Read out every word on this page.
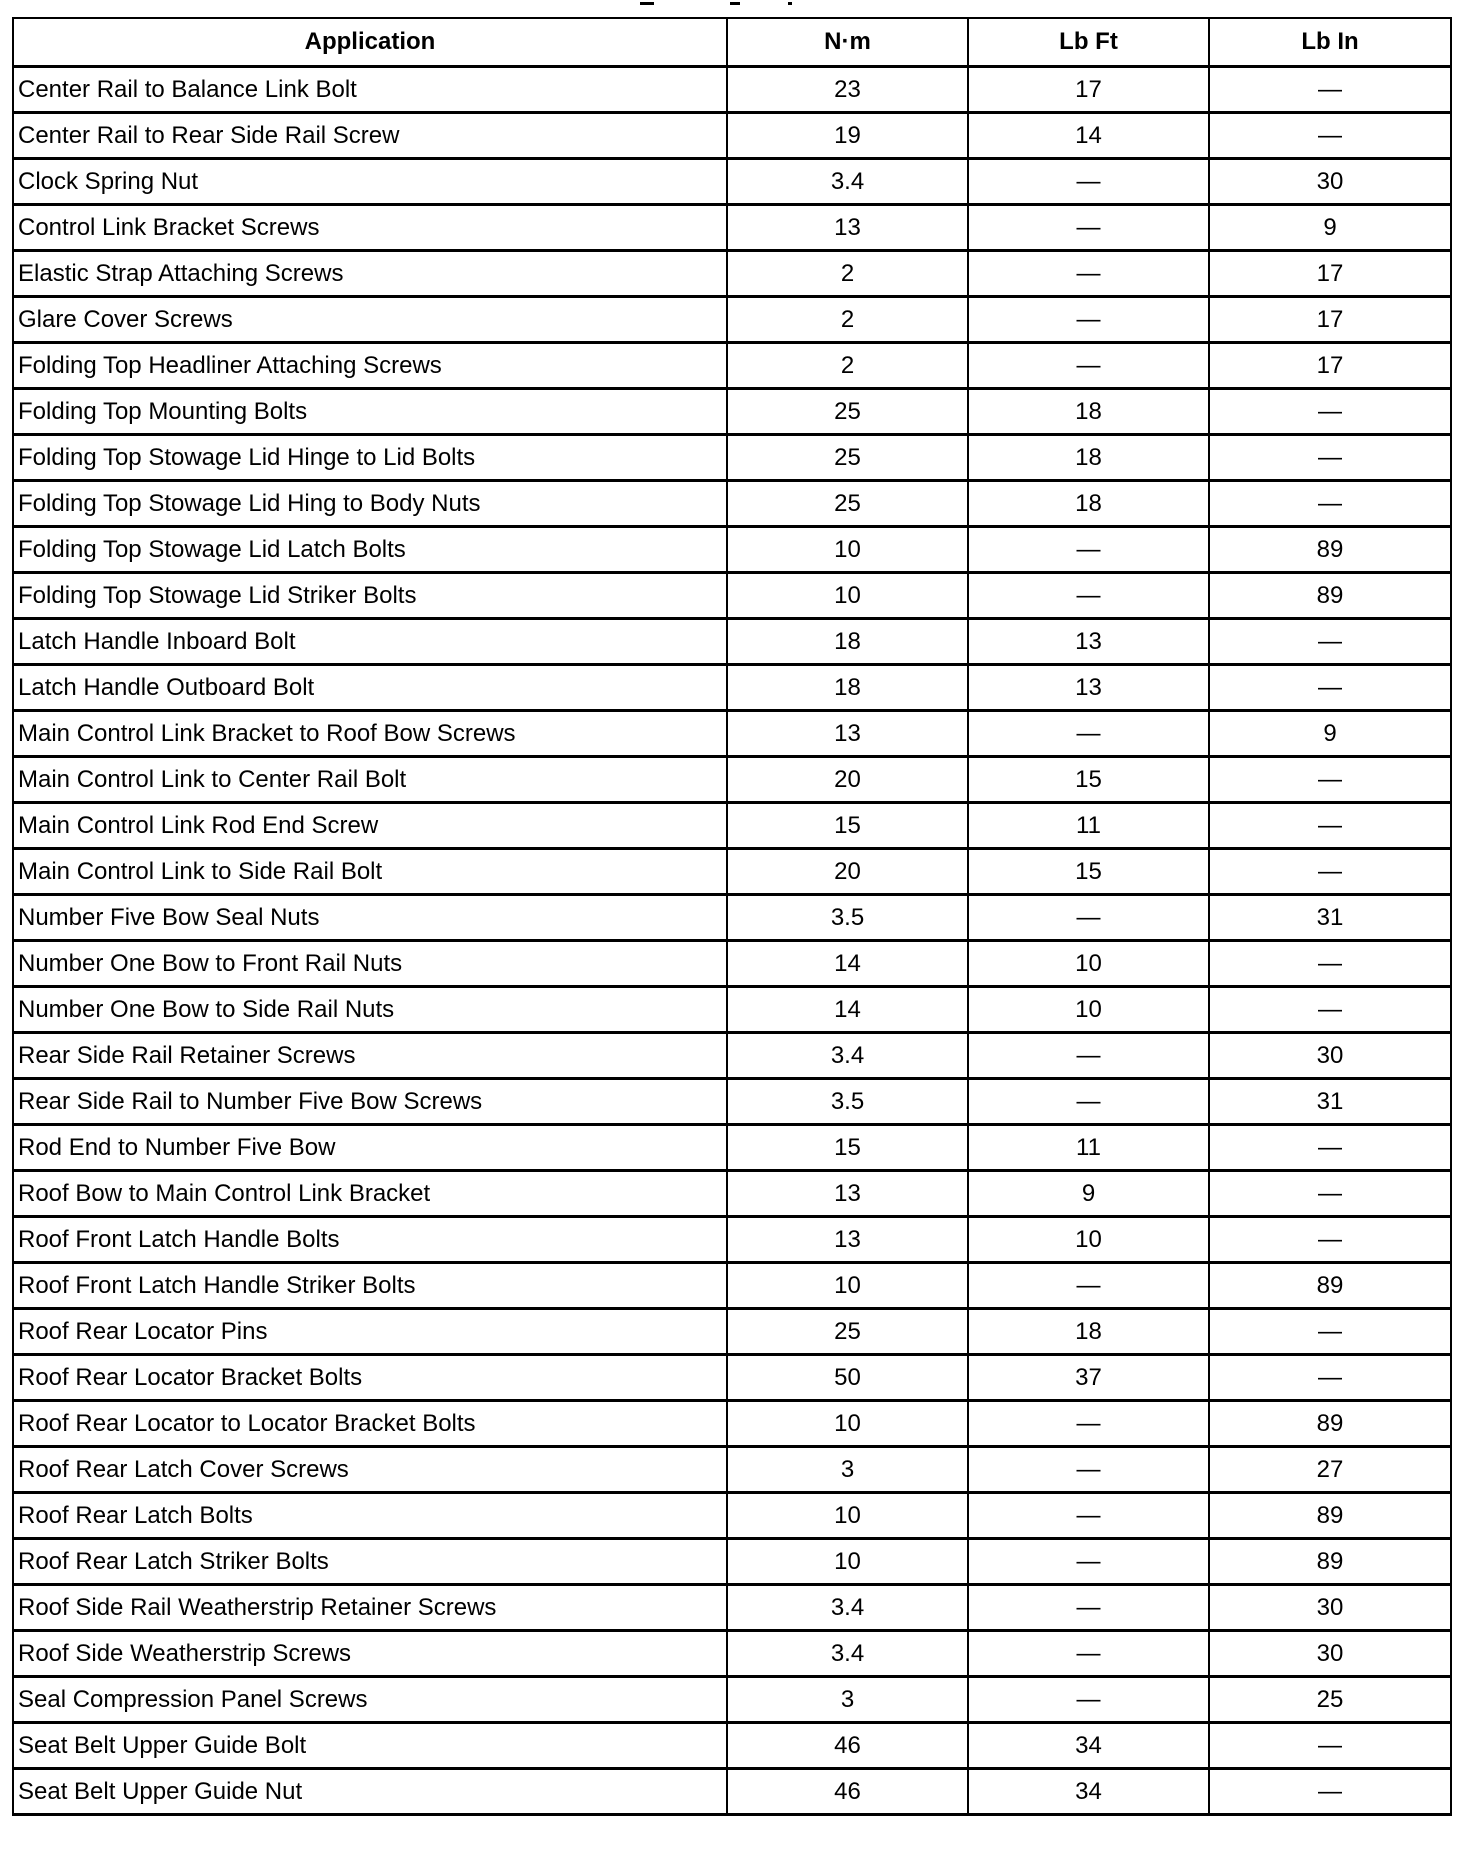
Application	N·m	Lb Ft	Lb In
Center Rail to Balance Link Bolt	23	17	—
Center Rail to Rear Side Rail Screw	19	14	—
Clock Spring Nut	3.4	—	30
Control Link Bracket Screws	13	—	9
Elastic Strap Attaching Screws	2	—	17
Glare Cover Screws	2	—	17
Folding Top Headliner Attaching Screws	2	—	17
Folding Top Mounting Bolts	25	18	—
Folding Top Stowage Lid Hinge to Lid Bolts	25	18	—
Folding Top Stowage Lid Hing to Body Nuts	25	18	—
Folding Top Stowage Lid Latch Bolts	10	—	89
Folding Top Stowage Lid Striker Bolts	10	—	89
Latch Handle Inboard Bolt	18	13	—
Latch Handle Outboard Bolt	18	13	—
Main Control Link Bracket to Roof Bow Screws	13	—	9
Main Control Link to Center Rail Bolt	20	15	—
Main Control Link Rod End Screw	15	11	—
Main Control Link to Side Rail Bolt	20	15	—
Number Five Bow Seal Nuts	3.5	—	31
Number One Bow to Front Rail Nuts	14	10	—
Number One Bow to Side Rail Nuts	14	10	—
Rear Side Rail Retainer Screws	3.4	—	30
Rear Side Rail to Number Five Bow Screws	3.5	—	31
Rod End to Number Five Bow	15	11	—
Roof Bow to Main Control Link Bracket	13	9	—
Roof Front Latch Handle Bolts	13	10	—
Roof Front Latch Handle Striker Bolts	10	—	89
Roof Rear Locator Pins	25	18	—
Roof Rear Locator Bracket Bolts	50	37	—
Roof Rear Locator to Locator Bracket Bolts	10	—	89
Roof Rear Latch Cover Screws	3	—	27
Roof Rear Latch Bolts	10	—	89
Roof Rear Latch Striker Bolts	10	—	89
Roof Side Rail Weatherstrip Retainer Screws	3.4	—	30
Roof Side Weatherstrip Screws	3.4	—	30
Seal Compression Panel Screws	3	—	25
Seat Belt Upper Guide Bolt	46	34	—
Seat Belt Upper Guide Nut	46	34	—
